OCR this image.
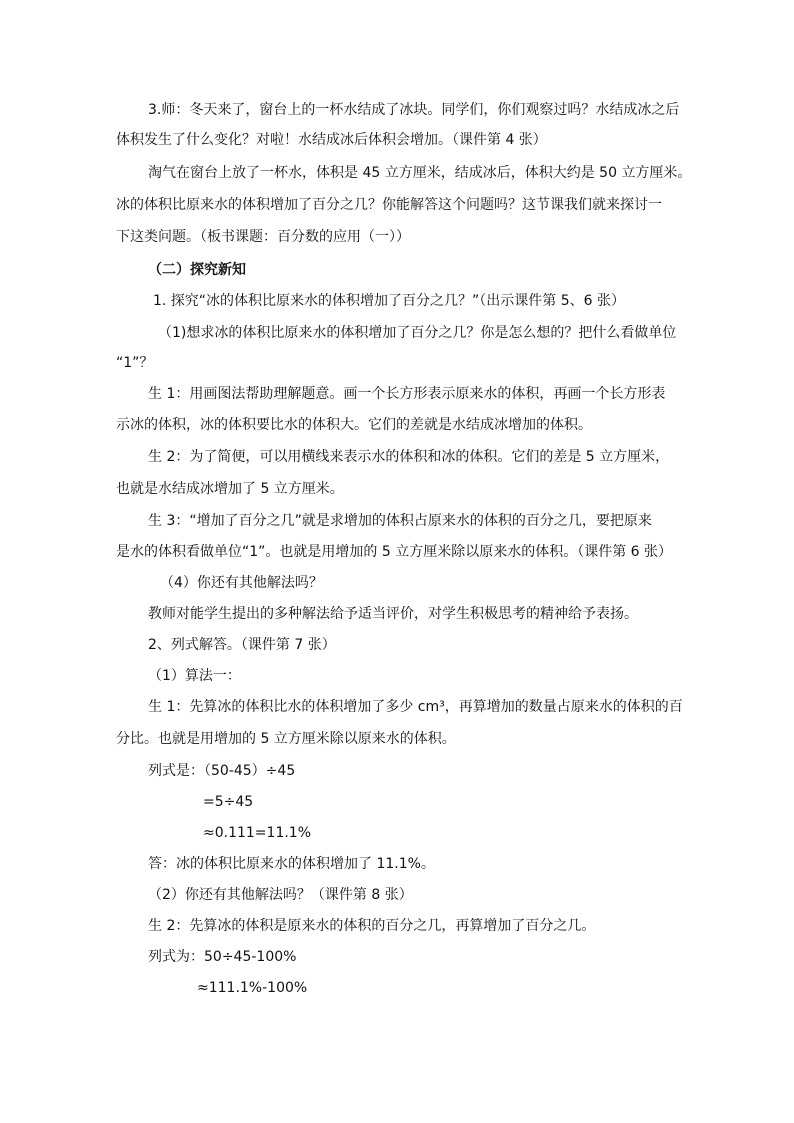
3.师：冬天来了，窗台上的一杯水结成了冰块。同学们，你们观察过吗？水结成冰之后
体积发生了什么变化？对啦！水结成冰后体积会增加。（课件第 4 张）
淘气在窗台上放了一杯水，体积是 45 立方厘米，结成冰后，体积大约是 50 立方厘米。
冰的体积比原来水的体积增加了百分之几？你能解答这个问题吗？这节课我们就来探讨一
下这类问题。（板书课题：百分数的应用（一））
（二）探究新知
1. 探究“冰的体积比原来水的体积增加了百分之几？”（出示课件第 5、6 张）
（1)想求冰的体积比原来水的体积增加了百分之几？你是怎么想的？把什么看做单位
“1”？
生 1：用画图法帮助理解题意。画一个长方形表示原来水的体积，再画一个长方形表
示冰的体积，冰的体积要比水的体积大。它们的差就是水结成冰增加的体积。
生 2：为了简便，可以用横线来表示水的体积和冰的体积。它们的差是 5 立方厘米，
也就是水结成冰增加了 5 立方厘米。
生 3：“增加了百分之几”就是求增加的体积占原来水的体积的百分之几，要把原来
是水的体积看做单位“1”。也就是用增加的 5 立方厘米除以原来水的体积。（课件第 6 张）
（4）你还有其他解法吗？
教师对能学生提出的多种解法给予适当评价，对学生积极思考的精神给予表扬。
2、列式解答。（课件第 7 张）
（1）算法一：
生 1：先算冰的体积比水的体积增加了多少 cm³，再算增加的数量占原来水的体积的百
分比。也就是用增加的 5 立方厘米除以原来水的体积。
列式是：（50-45）÷45
=5÷45
≈0.111=11.1%
答：冰的体积比原来水的体积增加了 11.1%。
（2）你还有其他解法吗？（课件第 8 张）
生 2：先算冰的体积是原来水的体积的百分之几，再算增加了百分之几。
列式为：50÷45-100%
≈111.1%-100%
